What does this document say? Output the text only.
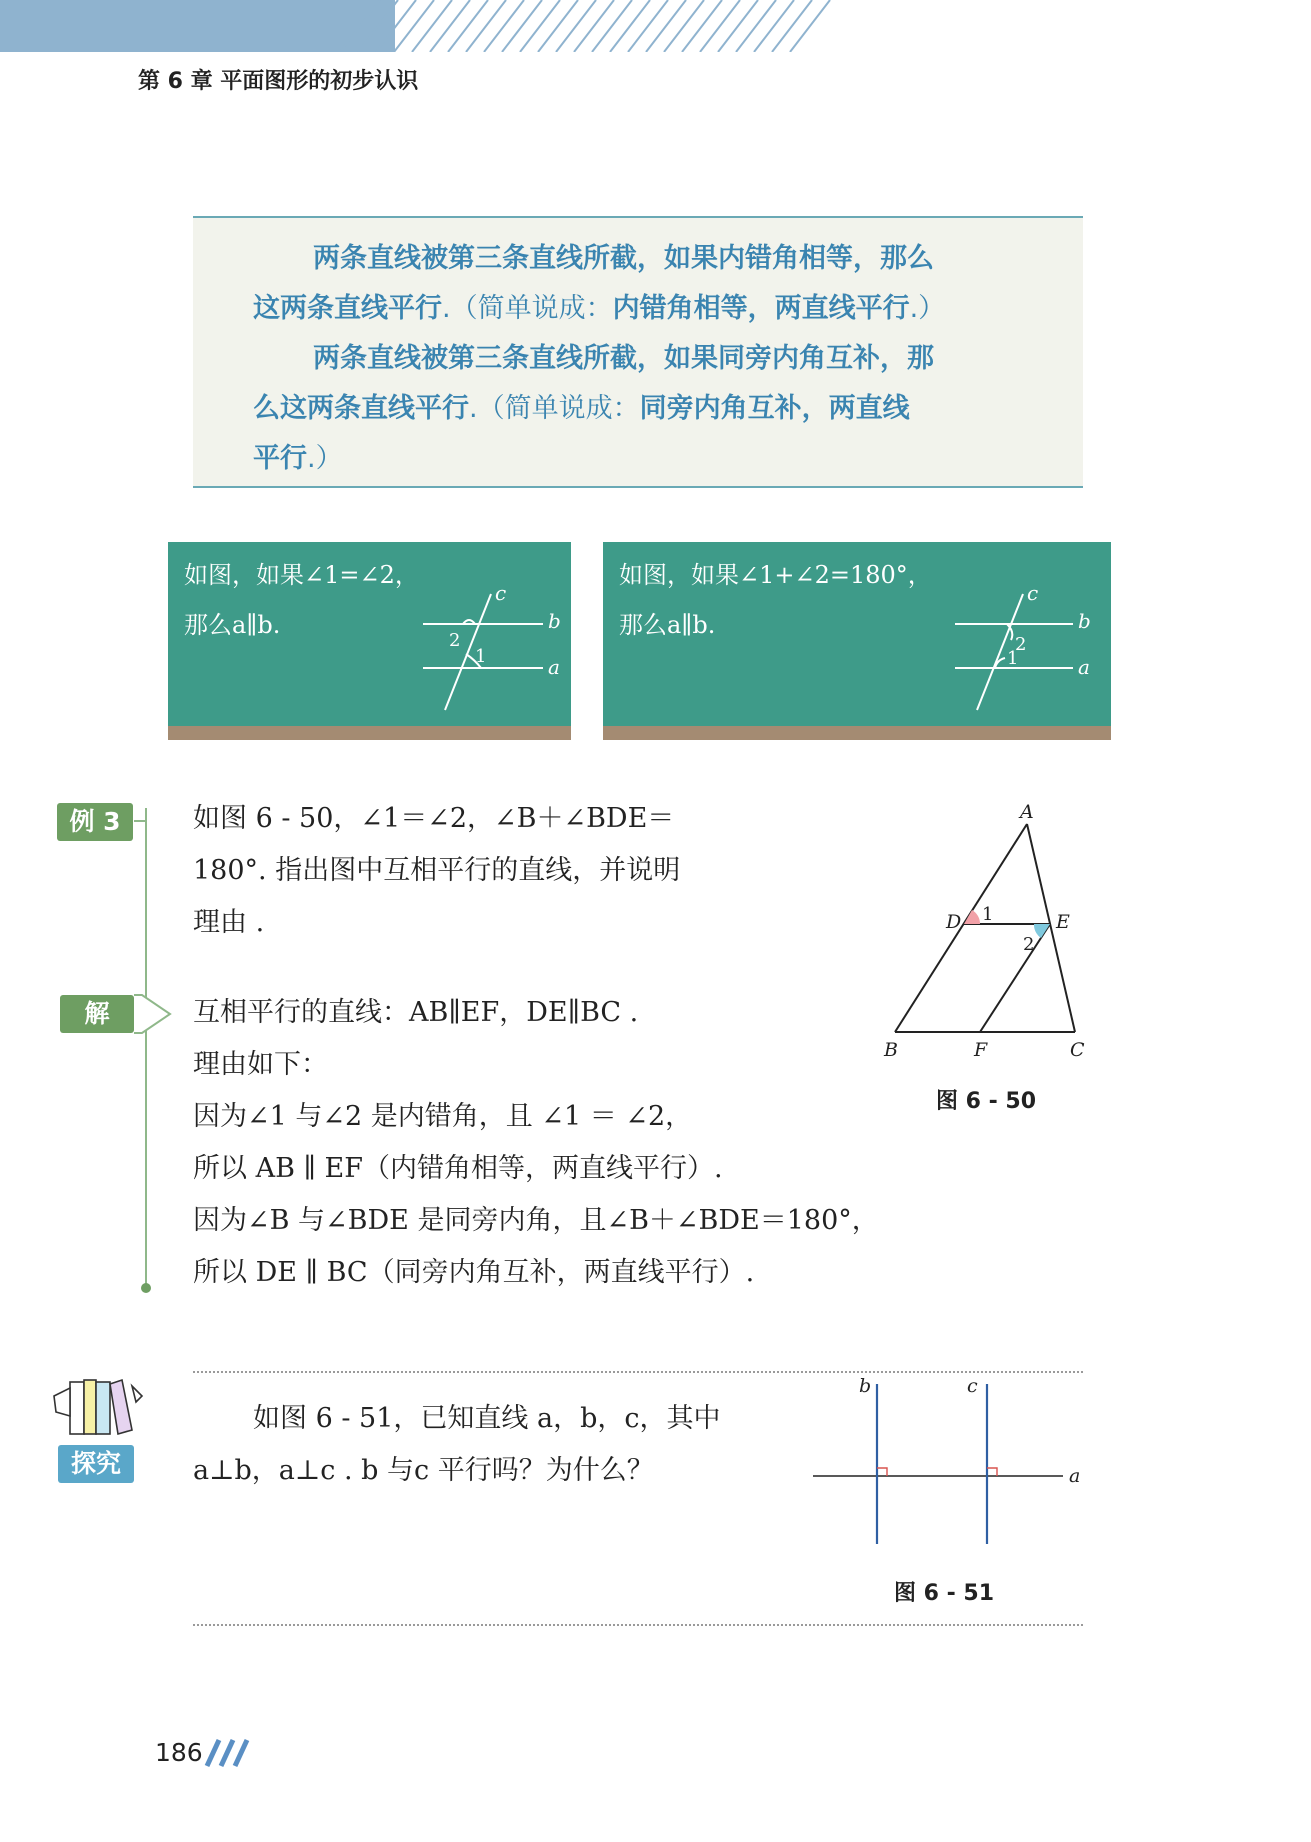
第 6 章 平面图形的初步认识
两条直线被第三条直线所截，如果内错角相等，那么
这两条直线平行.（简单说成：内错角相等，两直线平行.）
两条直线被第三条直线所截，如果同旁内角互补，那
么这两条直线平行.（简单说成：同旁内角互补，两直线
平行.）
如图，如果∠1=∠2，
那么a∥b.
c
b
a
2
1
如图，如果∠1+∠2=180°，
那么a∥b.
c
b
a
2
1
例 3
解
如图 6 - 50，∠1＝∠2，∠B＋∠BDE＝
180°. 指出图中互相平行的直线，并说明
理由 .
互相平行的直线：AB∥EF，DE∥BC .
理由如下：
因为∠1 与∠2 是内错角，且 ∠1 ＝ ∠2，
所以 AB ∥ EF（内错角相等，两直线平行）.
因为∠B 与∠BDE 是同旁内角，且∠B＋∠BDE＝180°，
所以 DE ∥ BC（同旁内角互补，两直线平行）.
A
D	E
B	F	C
1
2
图 6 - 50
探究
如图 6 - 51，已知直线 a，b，c，其中
a⊥b，a⊥c . b 与c 平行吗？为什么？
b	c
a
图 6 - 51
186
